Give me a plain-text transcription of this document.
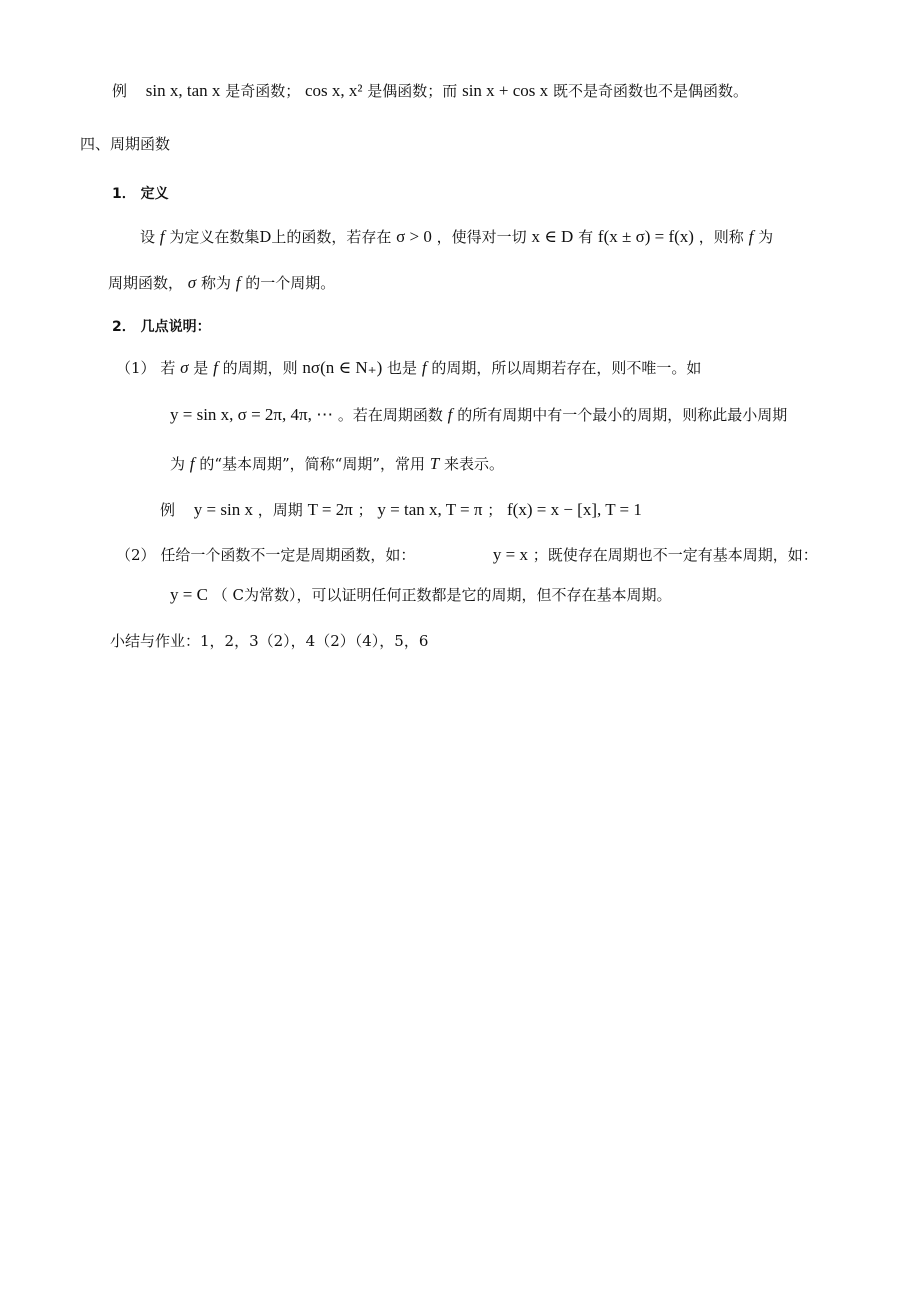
例 sin x, tan x 是奇函数； cos x, x² 是偶函数；而 sin x + cos x 既不是奇函数也不是偶函数。
四、周期函数
1． 定义
设 f 为定义在数集D上的函数，若存在 σ > 0 ，使得对一切 x ∈ D 有 f(x ± σ) = f(x) ，则称 f 为
周期函数， σ 称为 f 的一个周期。
2． 几点说明：
（1） 若 σ 是 f 的周期，则 nσ(n ∈ N₊) 也是 f 的周期，所以周期若存在，则不唯一。如
y = sin x, σ = 2π, 4π, ⋯ 。若在周期函数 f 的所有周期中有一个最小的周期，则称此最小周期
为 f 的“基本周期”，简称“周期”，常用 T 来表示。
例 y = sin x ，周期 T = 2π ； y = tan x, T = π ； f(x) = x − [x], T = 1
（2） 任给一个函数不一定是周期函数，如：	y = x ；既使存在周期也不一定有基本周期，如：
y = C （ C为常数），可以证明任何正数都是它的周期，但不存在基本周期。
小结与作业：1，2，3（2），4（2）（4），5，6
